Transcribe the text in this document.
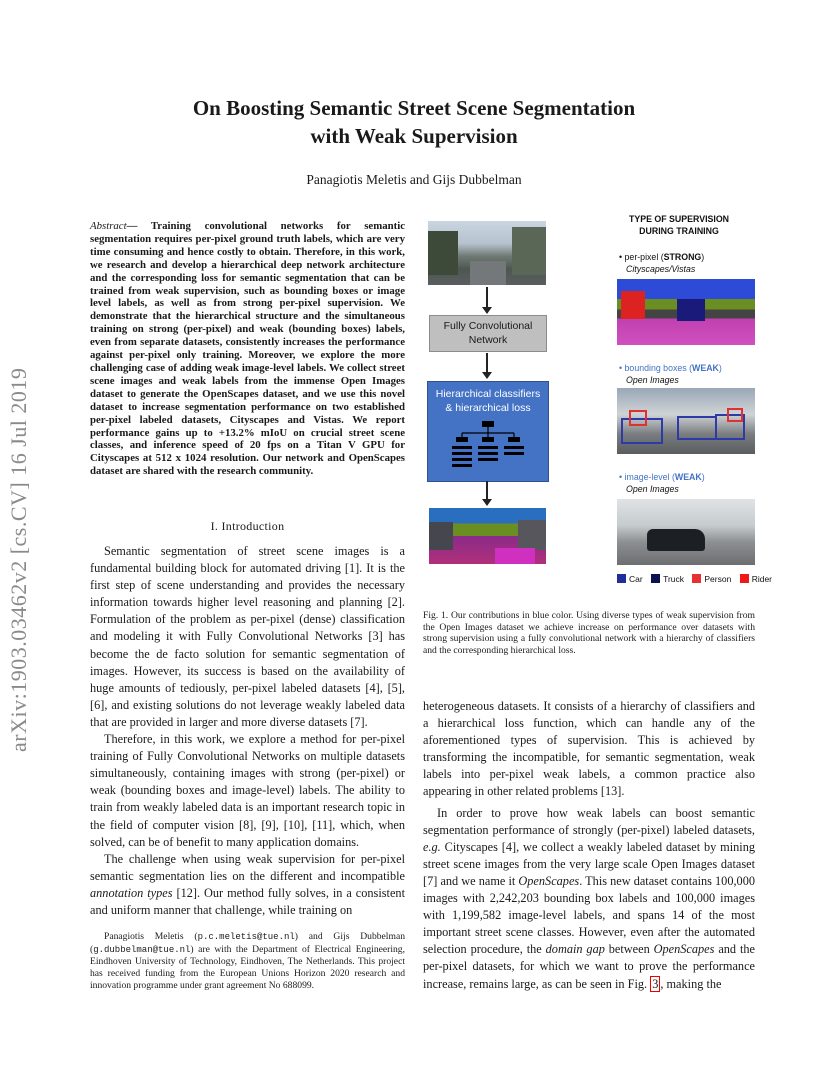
arXiv:1903.03462v2 [cs.CV] 16 Jul 2019
On Boosting Semantic Street Scene Segmentation
with Weak Supervision
Panagiotis Meletis and Gijs Dubbelman
Abstract— Training convolutional networks for semantic segmentation requires per-pixel ground truth labels, which are very time consuming and hence costly to obtain. Therefore, in this work, we research and develop a hierarchical deep network architecture and the corresponding loss for semantic segmentation that can be trained from weak supervision, such as bounding boxes or image level labels, as well as from strong per-pixel supervision. We demonstrate that the hierarchical structure and the simultaneous training on strong (per-pixel) and weak (bounding boxes) labels, even from separate datasets, consistently increases the performance against per-pixel only training. Moreover, we explore the more challenging case of adding weak image-level labels. We collect street scene images and weak labels from the immense Open Images dataset to generate the OpenScapes dataset, and we use this novel dataset to increase segmentation performance on two established per-pixel labeled datasets, Cityscapes and Vistas. We report performance gains up to +13.2% mIoU on crucial street scene classes, and inference speed of 20 fps on a Titan V GPU for Cityscapes at 512 x 1024 resolution. Our network and OpenScapes dataset are shared with the research community.
I. Introduction

Semantic segmentation of street scene images is a fundamental building block for automated driving [1]. It is the first step of scene understanding and provides the necessary information towards higher level reasoning and planning [2]. Formulation of the problem as per-pixel (dense) classification and modeling it with Fully Convolutional Networks [3] has become the de facto solution for semantic segmentation of images. However, its success is based on the availability of huge amounts of tediously, per-pixel labeled datasets [4], [5], [6], and existing solutions do not leverage weakly labeled data that are provided in larger and more diverse datasets [7].

Therefore, in this work, we explore a method for per-pixel training of Fully Convolutional Networks on multiple datasets simultaneously, containing images with strong (per-pixel) or weak (bounding boxes and image-level) labels. The ability to train from weakly labeled data is an important research topic in the field of computer vision [8], [9], [10], [11], which, when solved, can be of benefit to many application domains.

The challenge when using weak supervision for per-pixel semantic segmentation lies on the different and incompatible annotation types [12]. Our method fully solves, in a consistent and uniform manner that challenge, while training on

Panagiotis Meletis (p.c.meletis@tue.nl) and Gijs Dubbelman (g.dubbelman@tue.nl) are with the Department of Electrical Engineering, Eindhoven University of Technology, Eindhoven, The Netherlands. This project has received funding from the European Unions Horizon 2020 research and innovation programme under grant agreement No 688099.
Fully Convolutional
Network
Hierarchical classifiers
& hierarchical loss
TYPE OF SUPERVISION
DURING TRAINING
• per-pixel (STRONG)
Cityscapes/Vistas
• bounding boxes (WEAK)
Open Images
• image-level (WEAK)
Open Images
Car Truck Person Rider
Fig. 1. Our contributions in blue color. Using diverse types of weak supervision from the Open Images dataset we achieve increase on performance over datasets with strong supervision using a fully convolutional network with a hierarchy of classifiers and the corresponding hierarchical loss.

heterogeneous datasets. It consists of a hierarchy of classifiers and a hierarchical loss function, which can handle any of the aforementioned types of supervision. This is achieved by transforming the incompatible, for semantic segmentation, weak labels into per-pixel weak labels, a common practice also appearing in other related problems [13].

In order to prove how weak labels can boost semantic segmentation performance of strongly (per-pixel) labeled datasets, e.g. Cityscapes [4], we collect a weakly labeled dataset by mining street scene images from the very large scale Open Images dataset [7] and we name it OpenScapes. This new dataset contains 100,000 images with 2,242,203 bounding box labels and 100,000 images with 1,199,582 image-level labels, and spans 14 of the most important street scene classes. However, even after the automated selection procedure, the domain gap between OpenScapes and the per-pixel datasets, for which we want to prove the performance increase, remains large, as can be seen in Fig. 3 , making the
